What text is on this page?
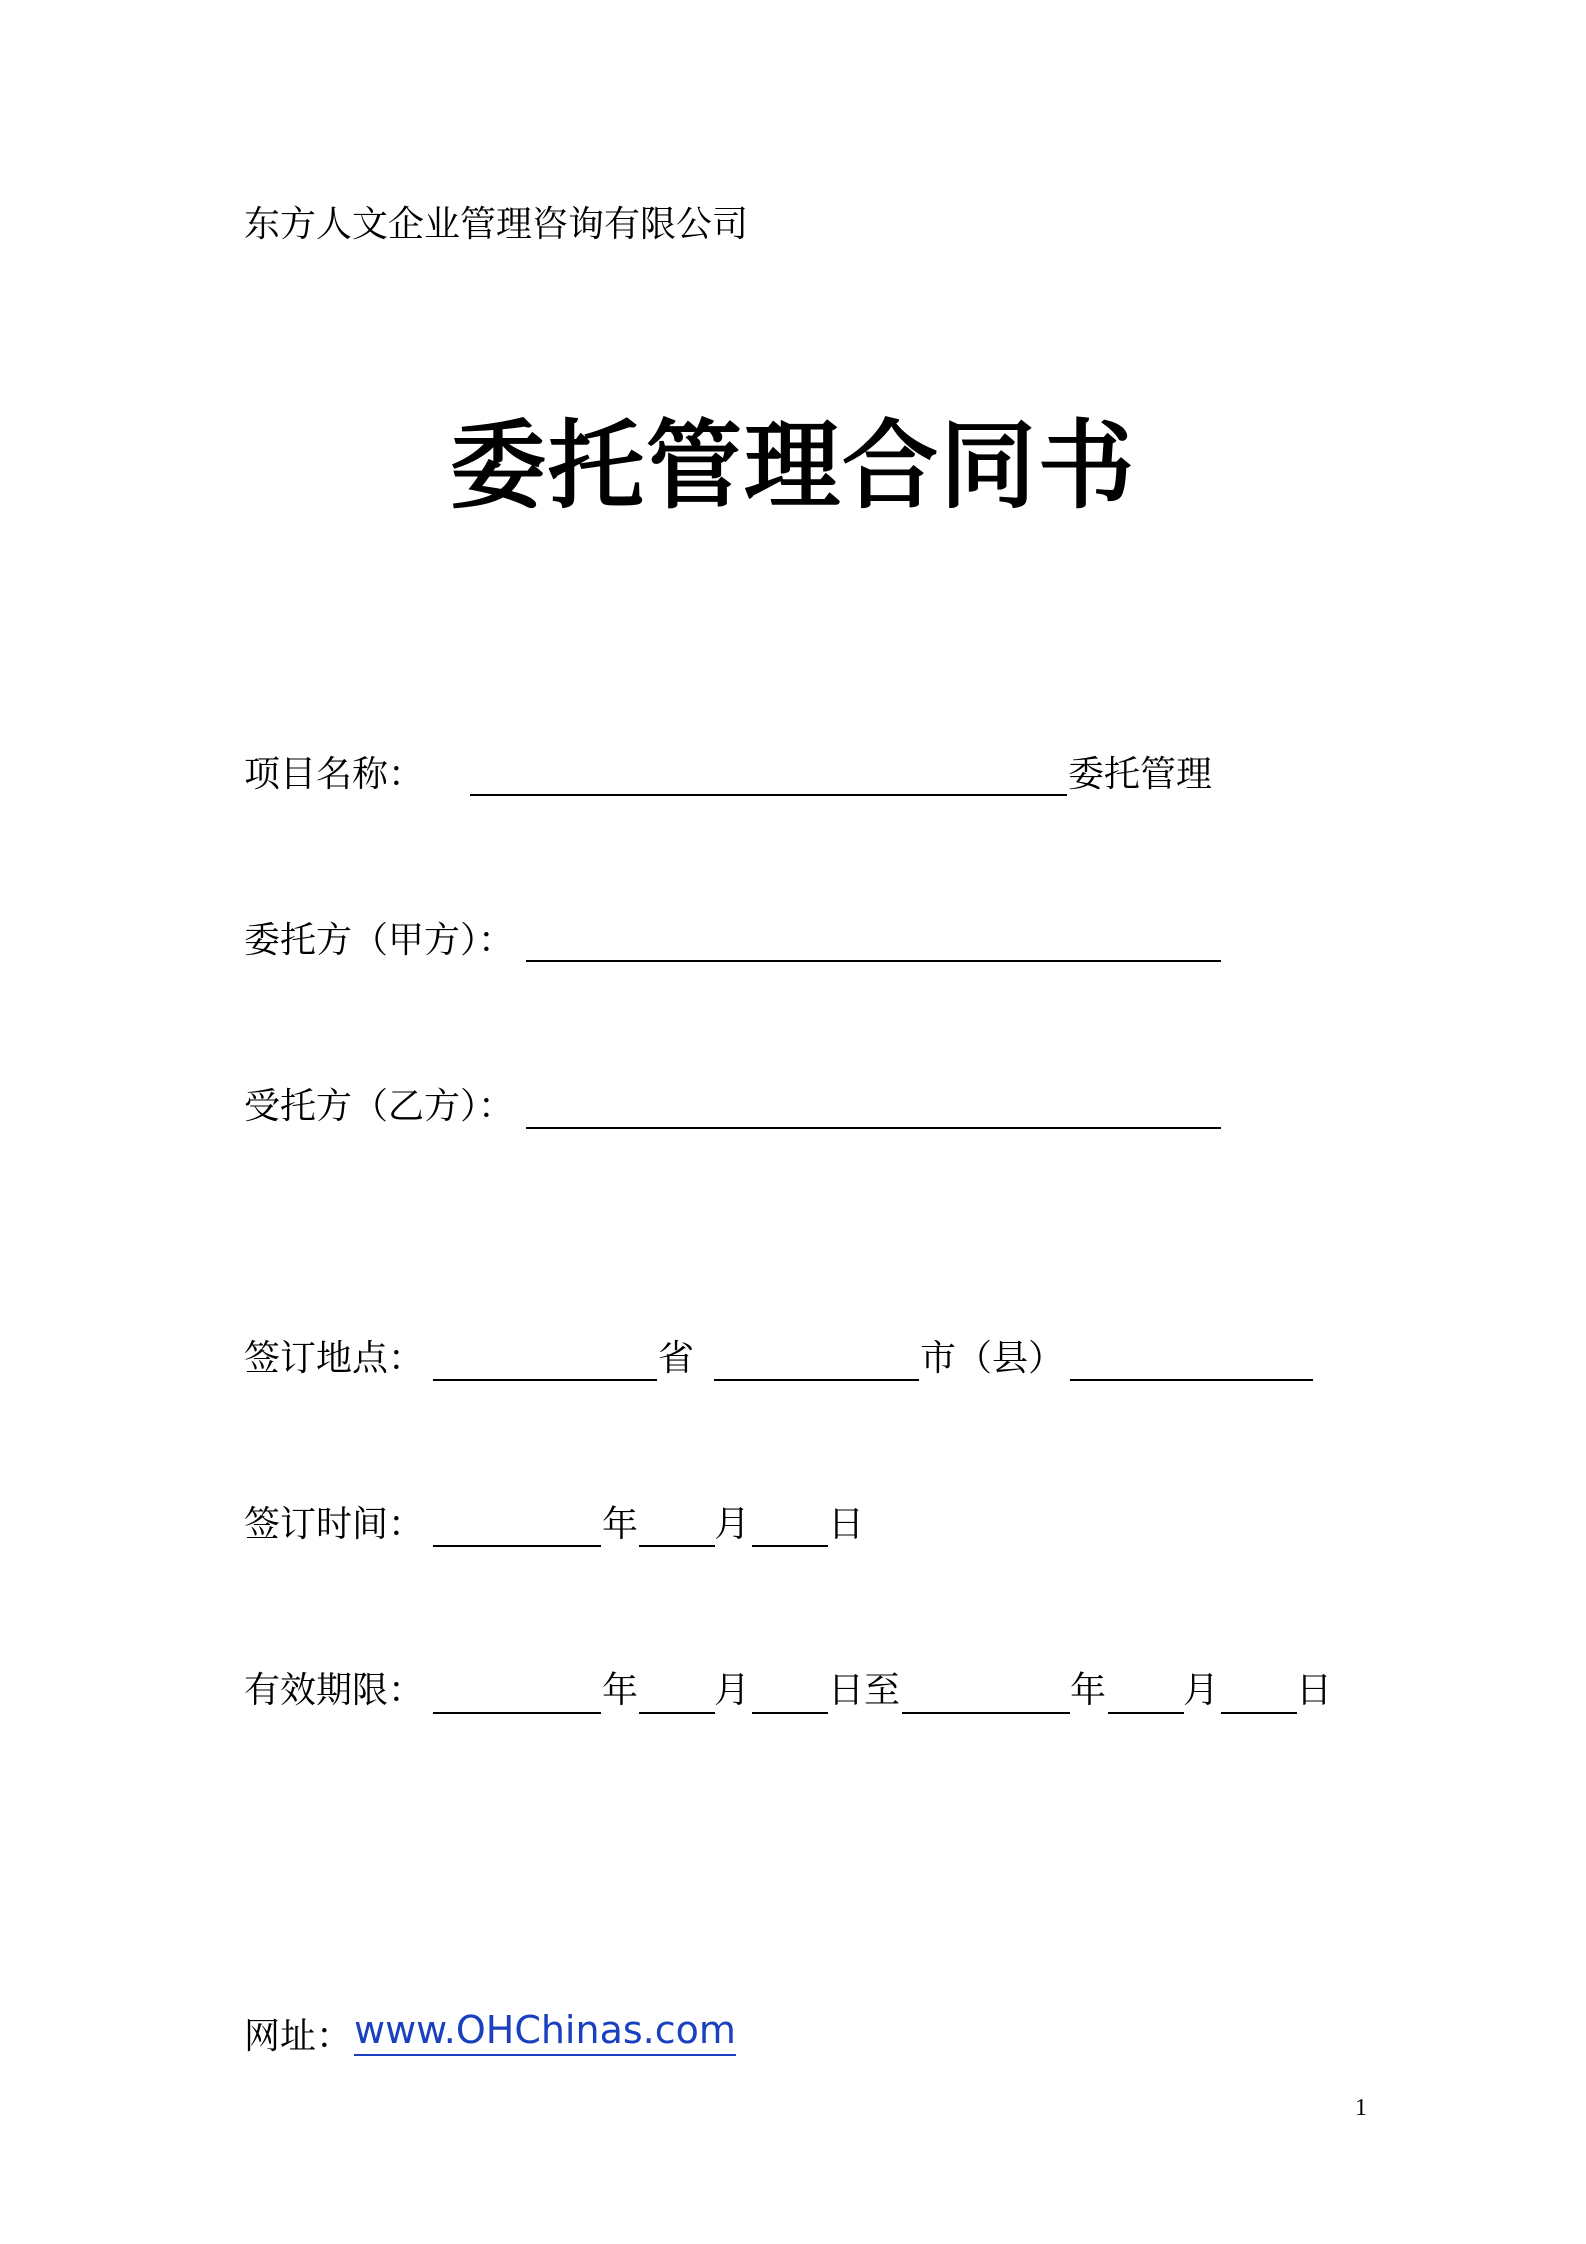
东方人文企业管理咨询有限公司
委托管理合同书
项目名称：	委托管理
委托方（甲方）：
受托方（乙方）：
签订地点：	省	市（县）
签订时间：	年 月 日
有效期限：	年 月 日至	年 月 日
网址： www.OHChinas.com
1
